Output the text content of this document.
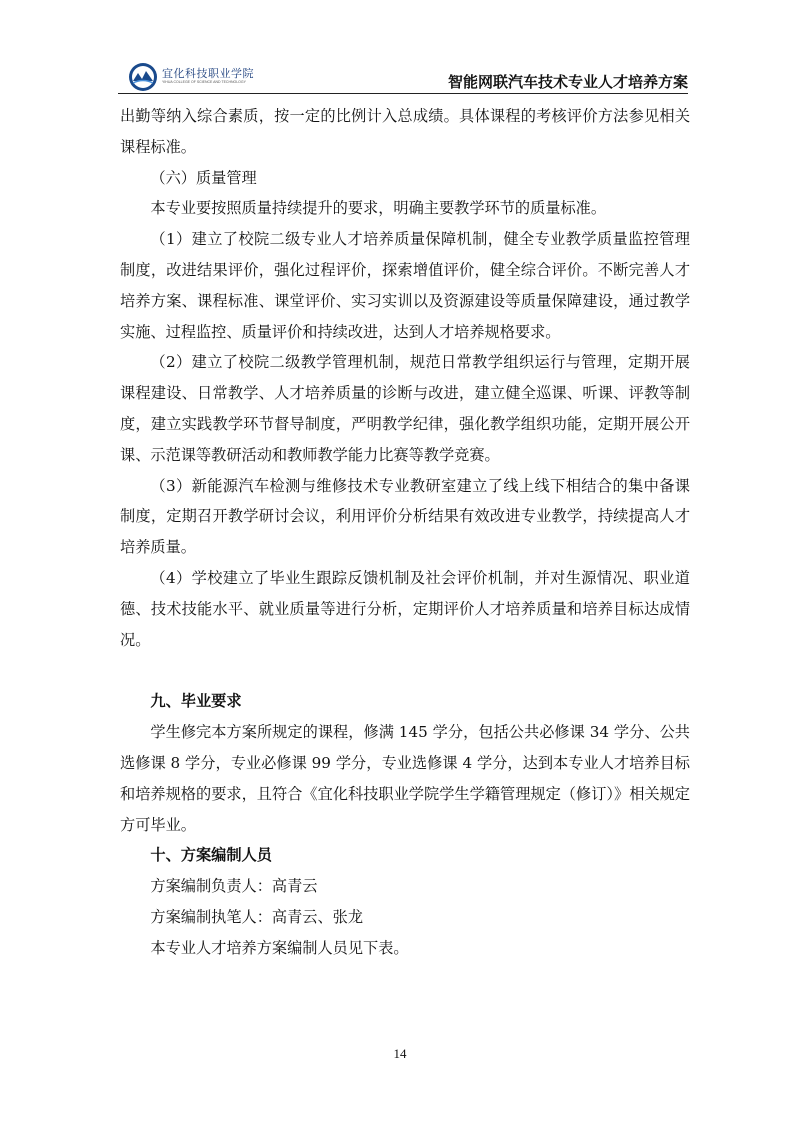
宜化科技职业学院
YIHUA COLLEGE OF SCIENCE AND TECHNOLOGY	智能网联汽车技术专业人才培养方案

出勤等纳入综合素质，按一定的比例计入总成绩。具体课程的考核评价方法参见相关课程标准。

（六）质量管理

本专业要按照质量持续提升的要求，明确主要教学环节的质量标准。

（1）建立了校院二级专业人才培养质量保障机制，健全专业教学质量监控管理制度，改进结果评价，强化过程评价，探索增值评价，健全综合评价。不断完善人才培养方案、课程标准、课堂评价、实习实训以及资源建设等质量保障建设，通过教学实施、过程监控、质量评价和持续改进，达到人才培养规格要求。

（2）建立了校院二级教学管理机制，规范日常教学组织运行与管理，定期开展课程建设、日常教学、人才培养质量的诊断与改进，建立健全巡课、听课、评教等制度，建立实践教学环节督导制度，严明教学纪律，强化教学组织功能，定期开展公开课、示范课等教研活动和教师教学能力比赛等教学竞赛。

（3）新能源汽车检测与维修技术专业教研室建立了线上线下相结合的集中备课制度，定期召开教学研讨会议，利用评价分析结果有效改进专业教学，持续提高人才培养质量。

（4）学校建立了毕业生跟踪反馈机制及社会评价机制，并对生源情况、职业道德、技术技能水平、就业质量等进行分析，定期评价人才培养质量和培养目标达成情况。

九、毕业要求

学生修完本方案所规定的课程，修满 145 学分，包括公共必修课 34 学分、公共选修课 8 学分，专业必修课 99 学分，专业选修课 4 学分，达到本专业人才培养目标和培养规格的要求，且符合《宜化科技职业学院学生学籍管理规定（修订）》相关规定方可毕业。

十、方案编制人员

方案编制负责人：高青云

方案编制执笔人：高青云、张龙

本专业人才培养方案编制人员见下表。

14
